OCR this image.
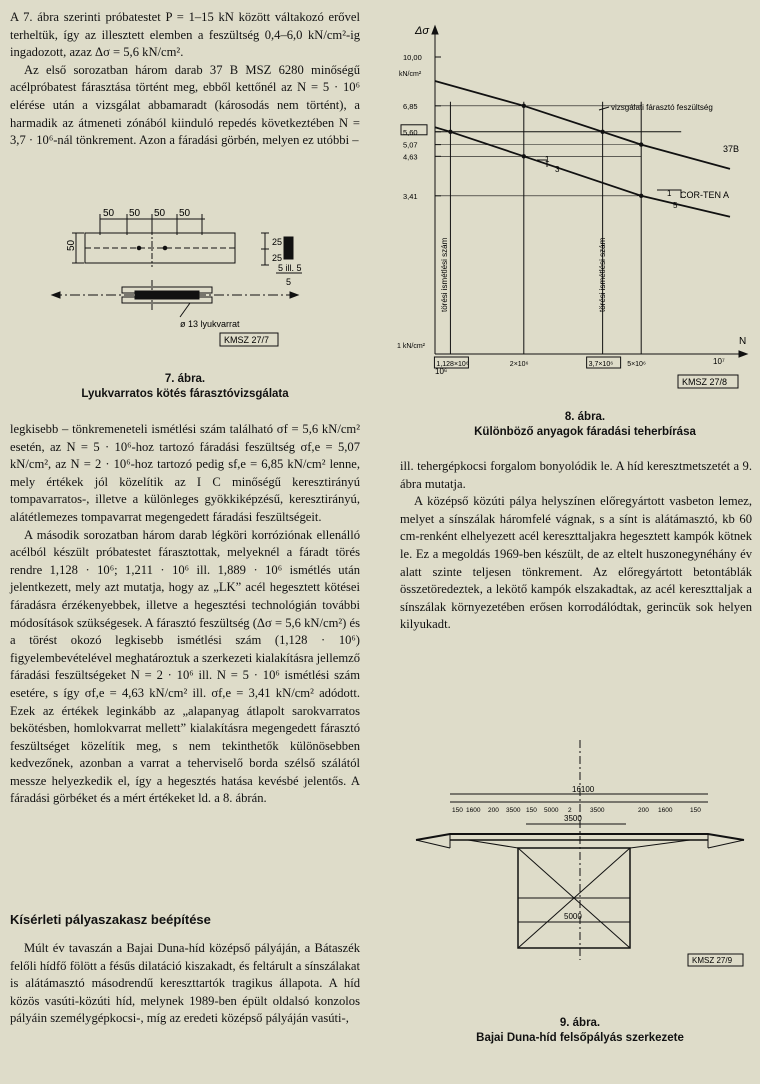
A 7. ábra szerinti próbatestet P = 1–15 kN között váltakozó erővel terheltük, így az illesztett elemben a feszültség 0,4–6,0 kN/cm²-ig ingadozott, azaz Δσ = 5,6 kN/cm².

Az első sorozatban három darab 37 B MSZ 6280 minőségű acélpróbatest fárasztása történt meg, ebből kettőnél az N = 5 · 10⁶ elérése után a vizsgálat abbamaradt (károsodás nem történt), a harmadik az átmeneti zónából kiinduló repedés következtében N = 3,7 · 10⁶-nál tönkrement. Azon a fáradási görbén, melyen ez utóbbi –

50 50 50 50
50	25
25
5 ill. 5
5
ø 13 lyukvarrat
KMSZ 27/7
7. ábra.
Lyukvarratos kötés fárasztóvizsgálata

legkisebb – tönkremeneteli ismétlési szám található σf = 5,6 kN/cm² esetén, az N = 5 · 10⁶-hoz tartozó fáradási feszültség σf,e = 5,07 kN/cm², az N = 2 · 10⁶-hoz tartozó pedig sf,e = 6,85 kN/cm² lenne, mely értékek jól közelítik az I C minőségű keresztirányú tompavarratos-, illetve a különleges gyökkiképzésű, keresztirányú, alátétlemezes tompavarrat megengedett fáradási feszültségeit.

A második sorozatban három darab légköri korróziónak ellenálló acélból készült próbatestet fárasztottak, melyeknél a fáradt törés rendre 1,128 · 10⁶; 1,211 · 10⁶ ill. 1,889 · 10⁶ ismétlés után jelentkezett, mely azt mutatja, hogy az „LK” acél hegesztett kötései fáradásra érzékenyebbek, illetve a hegesztési technológián további módosítások szükségesek. A fárasztó feszültség (Δσ = 5,6 kN/cm²) és a törést okozó legkisebb ismétlési szám (1,128 · 10⁶) figyelembevételével meghatároztuk a szerkezeti kialakításra jellemző fáradási feszültségeket N = 2 · 10⁶ ill. N = 5 · 10⁶ ismétlési szám esetére, s így σf,e = 4,63 kN/cm² ill. σf,e = 3,41 kN/cm² adódott. Ezek az értékek leginkább az „alapanyag átlapolt sarokvarratos bekötésben, homlokvarrat mellett” kialakításra megengedett fárasztó feszültséget közelítik meg, s nem tekinthetők különösebben kedvezőnek, azonban a varrat a teherviselő borda szélső szálától messze helyezkedik el, így a hegesztés hatása kevésbé jelentős. A fáradási görbéket és a mért értékeket ld. a 8. ábrán.

Kísérleti pályaszakasz beépítése

Múlt év tavaszán a Bajai Duna-híd középső pályáján, a Bátaszék felőli hídfő fölött a fésűs dilatáció kiszakadt, és feltárult a sínszálakat is alátámasztó másodrendű kereszttartók tragikus állapota. A híd közös vasúti-közúti híd, melynek 1989-ben épült oldalsó konzolos pályáin személygépkocsi-, míg az eredeti középső pályáján vasúti-,

10,00
6,85
5,60
5,07
4,63
3,41
1,128×10⁶	2×10⁶	3,7×10⁶ 5×10⁶
Δσ
kN/cm²
1 kN/cm²	N
10⁶
10⁷
vizsgálati fárasztó feszültség
37B
COR-TEN A
1
3
1
5
törési ismétlési szám	törési ismétlési szám
KMSZ 27/8
8. ábra.
Különböző anyagok fáradási teherbírása

ill. tehergépkocsi forgalom bonyolódik le. A híd keresztmetszetét a 9. ábra mutatja.

A középső közúti pálya helyszínen előregyártott vasbeton lemez, melyet a sínszálak háromfelé vágnak, s a sínt is alátámasztó, kb 60 cm-renként elhelyezett acél kereszttaljakra hegesztett kampók kötnek le. Ez a megoldás 1969-ben készült, de az eltelt huszonegynéhány év alatt szinte teljesen tönkrement. Az előregyártott betontáblák összetöredeztek, a lekötő kampók elszakadtak, az acél kereszttaljak a sínszálak környezetében erősen korrodálódtak, gerincük sok helyen kilyukadt.

16100
150 1600 200 3500 150 5000 2	3500	200 1600	150
3500
5000
KMSZ 27/9
9. ábra.
Bajai Duna-híd felsőpályás szerkezete
